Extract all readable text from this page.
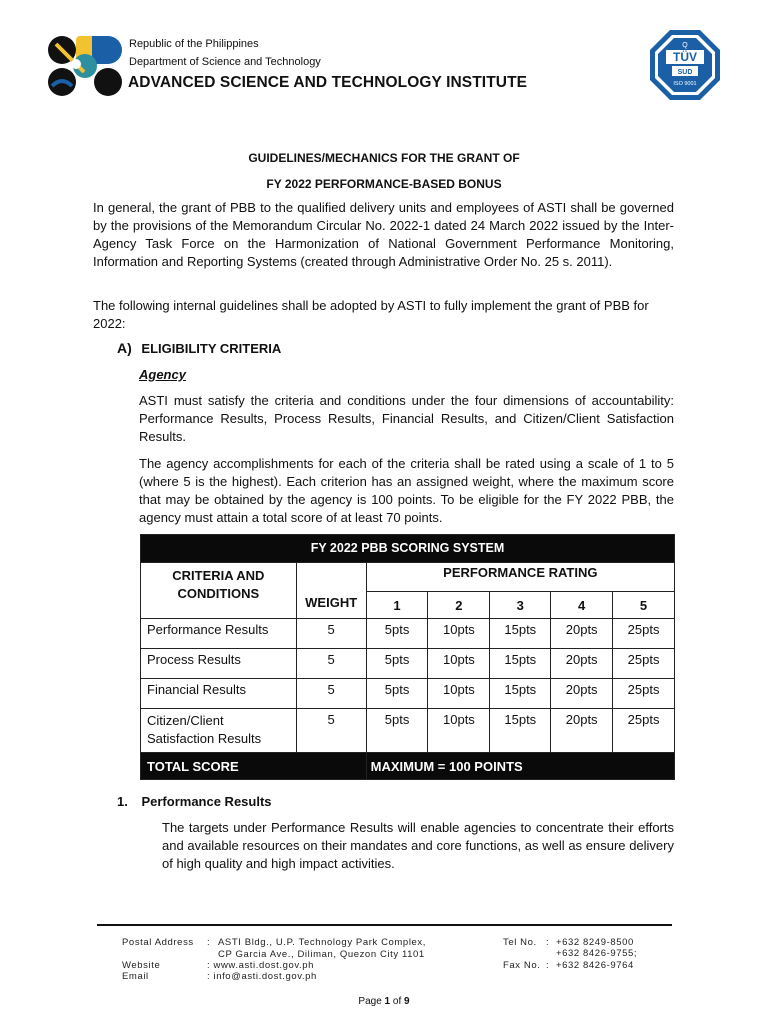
Republic of the Philippines
Department of Science and Technology
ADVANCED SCIENCE AND TECHNOLOGY INSTITUTE
Q
TÜV
SUD
ISO 9001
GUIDELINES/MECHANICS FOR THE GRANT OF
FY 2022 PERFORMANCE-BASED BONUS
In general, the grant of PBB to the qualified delivery units and employees of ASTI shall be governed by the provisions of the Memorandum Circular No. 2022-1 dated 24 March 2022 issued by the Inter-Agency Task Force on the Harmonization of National Government Performance Monitoring, Information and Reporting Systems (created through Administrative Order No. 25 s. 2011).
The following internal guidelines shall be adopted by ASTI to fully implement the grant of PBB for 2022:
A) ELIGIBILITY CRITERIA
Agency
ASTI must satisfy the criteria and conditions under the four dimensions of accountability: Performance Results, Process Results, Financial Results, and Citizen/Client Satisfaction Results.
The agency accomplishments for each of the criteria shall be rated using a scale of 1 to 5 (where 5 is the highest). Each criterion has an assigned weight, where the maximum score that may be obtained by the agency is 100 points. To be eligible for the FY 2022 PBB, the agency must attain a total score of at least 70 points.
FY 2022 PBB SCORING SYSTEM						
CRITERIA AND CONDITIONS	WEIGHT	PERFORMANCE RATING				
		1	2	3	4	5
Performance Results	5	5pts	10pts	15pts	20pts	25pts
Process Results	5	5pts	10pts	15pts	20pts	25pts
Financial Results	5	5pts	10pts	15pts	20pts	25pts
Citizen/Client Satisfaction Results	5	5pts	10pts	15pts	20pts	25pts
TOTAL SCORE		MAXIMUM = 100 POINTS				
1. Performance Results
The targets under Performance Results will enable agencies to concentrate their efforts and available resources on their mandates and core functions, as well as ensure delivery of high quality and high impact activities.
Postal Address : ASTI Bldg., U.P. Technology Park Complex,
CP Garcia Ave., Diliman, Quezon City 1101
Website	: www.asti.dost.gov.ph
Email	: info@asti.dost.gov.ph
Tel No. : +632 8249-8500
+632 8426-9755;
Fax No. : +632 8426-9764
Page 1 of 9
